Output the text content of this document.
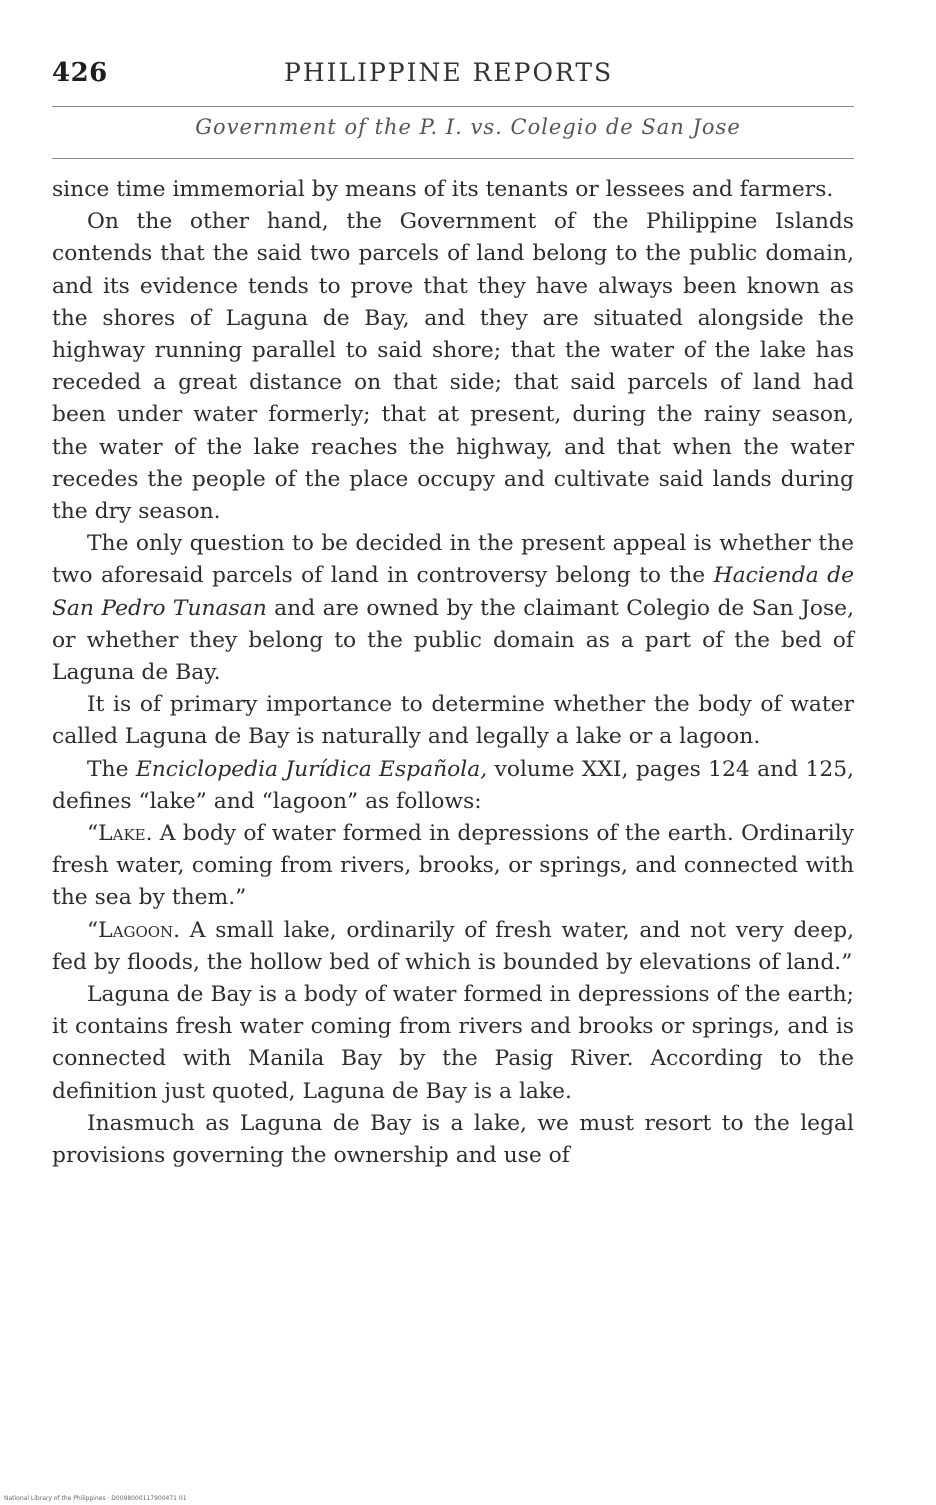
426	PHILIPPINE REPORTS
Government of the P. I. vs. Colegio de San Jose

since time immemorial by means of its tenants or lessees and farmers.

On the other hand, the Government of the Philippine Islands contends that the said two parcels of land belong to the public domain, and its evidence tends to prove that they have always been known as the shores of Laguna de Bay, and they are situated alongside the highway running parallel to said shore; that the water of the lake has receded a great distance on that side; that said parcels of land had been under water formerly; that at present, during the rainy season, the water of the lake reaches the highway, and that when the water recedes the people of the place occupy and cultivate said lands during the dry season.

The only question to be decided in the present appeal is whether the two aforesaid parcels of land in controversy belong to the Hacienda de San Pedro Tunasan and are owned by the claimant Colegio de San Jose, or whether they belong to the public domain as a part of the bed of Laguna de Bay.

It is of primary importance to determine whether the body of water called Laguna de Bay is naturally and legally a lake or a lagoon.

The Enciclopedia Jurídica Española, volume XXI, pages 124 and 125, defines “lake” and “lagoon” as follows:

“Lake. A body of water formed in depressions of the earth. Ordinarily fresh water, coming from rivers, brooks, or springs, and connected with the sea by them.”

“Lagoon. A small lake, ordinarily of fresh water, and not very deep, fed by floods, the hollow bed of which is bounded by elevations of land.”

Laguna de Bay is a body of water formed in depressions of the earth; it contains fresh water coming from rivers and brooks or springs, and is connected with Manila Bay by the Pasig River. According to the definition just quoted, Laguna de Bay is a lake.

Inasmuch as Laguna de Bay is a lake, we must resort to the legal provisions governing the ownership and use of

National Library of the Philippines · D0098000117900471 01
